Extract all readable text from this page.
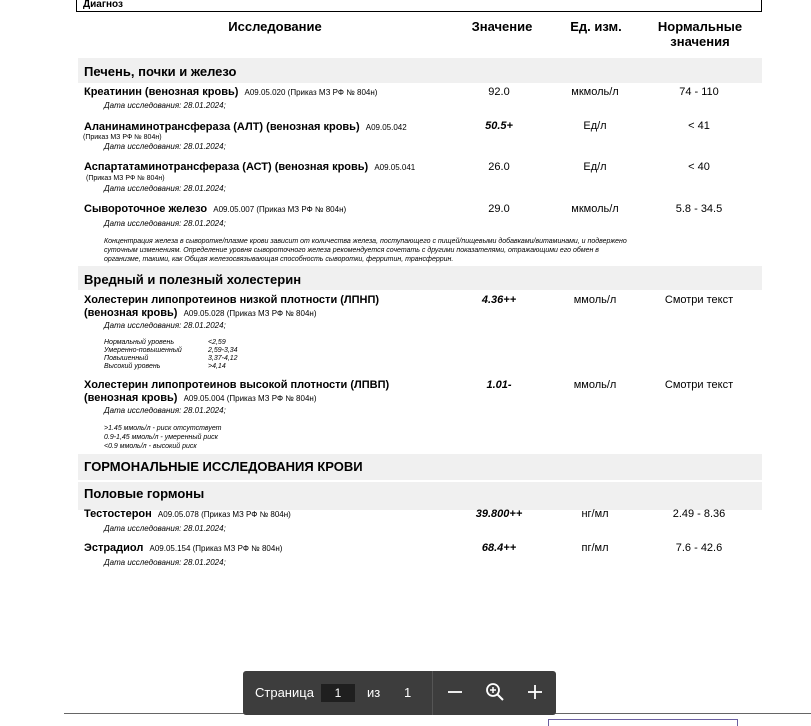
Диагноз
Исследование	Значение	Ед. изм.	Нормальные
значения
Печень, почки и железо
Креатинин (венозная кровь) A09.05.020 (Приказ МЗ РФ № 804н)
Дата исследования: 28.01.2024;
92.0	мкмоль/л	74 - 110
Аланинаминотрансфераза (АЛТ) (венозная кровь) A09.05.042
(Приказ МЗ РФ № 804н)
Дата исследования: 28.01.2024;
50.5+	Ед/л	< 41
Аспартатаминотрансфераза (АСТ) (венозная кровь) A09.05.041
(Приказ МЗ РФ № 804н)
Дата исследования: 28.01.2024;
26.0	Ед/л	< 40
Сывороточное железо A09.05.007 (Приказ МЗ РФ № 804н)
Дата исследования: 28.01.2024;
29.0	мкмоль/л	5.8 - 34.5
Концентрация железа в сыворотке/плазме крови зависит от количества железа, поступающего с пищей/пищевыми добавками/витаминами, и подвержено
суточным изменениям. Определение уровня сывороточного железа рекомендуется сочетать с другими показателями, отражающими его обмен в
организме, такими, как Общая железосвязывающая способность сыворотки, ферритин, трансферрин.
Вредный и полезный холестерин
Холестерин липопротеинов низкой плотности (ЛПНП)
(венозная кровь) A09.05.028 (Приказ МЗ РФ № 804н)
Дата исследования: 28.01.2024;
4.36++	ммоль/л	Смотри текст
Нормальный уровень	<2,59
Умеренно-повышенный	2,59-3,34
Повышенный	3,37-4,12
Высокий уровень	>4,14
Холестерин липопротеинов высокой плотности (ЛПВП)
(венозная кровь) A09.05.004 (Приказ МЗ РФ № 804н)
Дата исследования: 28.01.2024;
1.01-	ммоль/л	Смотри текст
>1.45 ммоль/л - риск отсутствует
0.9-1,45 ммоль/л - умеренный риск
<0.9 ммоль/л - высокий риск
ГОРМОНАЛЬНЫЕ ИССЛЕДОВАНИЯ КРОВИ
Половые гормоны
Тестостерон A09.05.078 (Приказ МЗ РФ № 804н)
Дата исследования: 28.01.2024;
39.800++	нг/мл	2.49 - 8.36
Эстрадиол A09.05.154 (Приказ МЗ РФ № 804н)
Дата исследования: 28.01.2024;
68.4++	пг/мл	7.6 - 42.6
Страница	1	из 1
